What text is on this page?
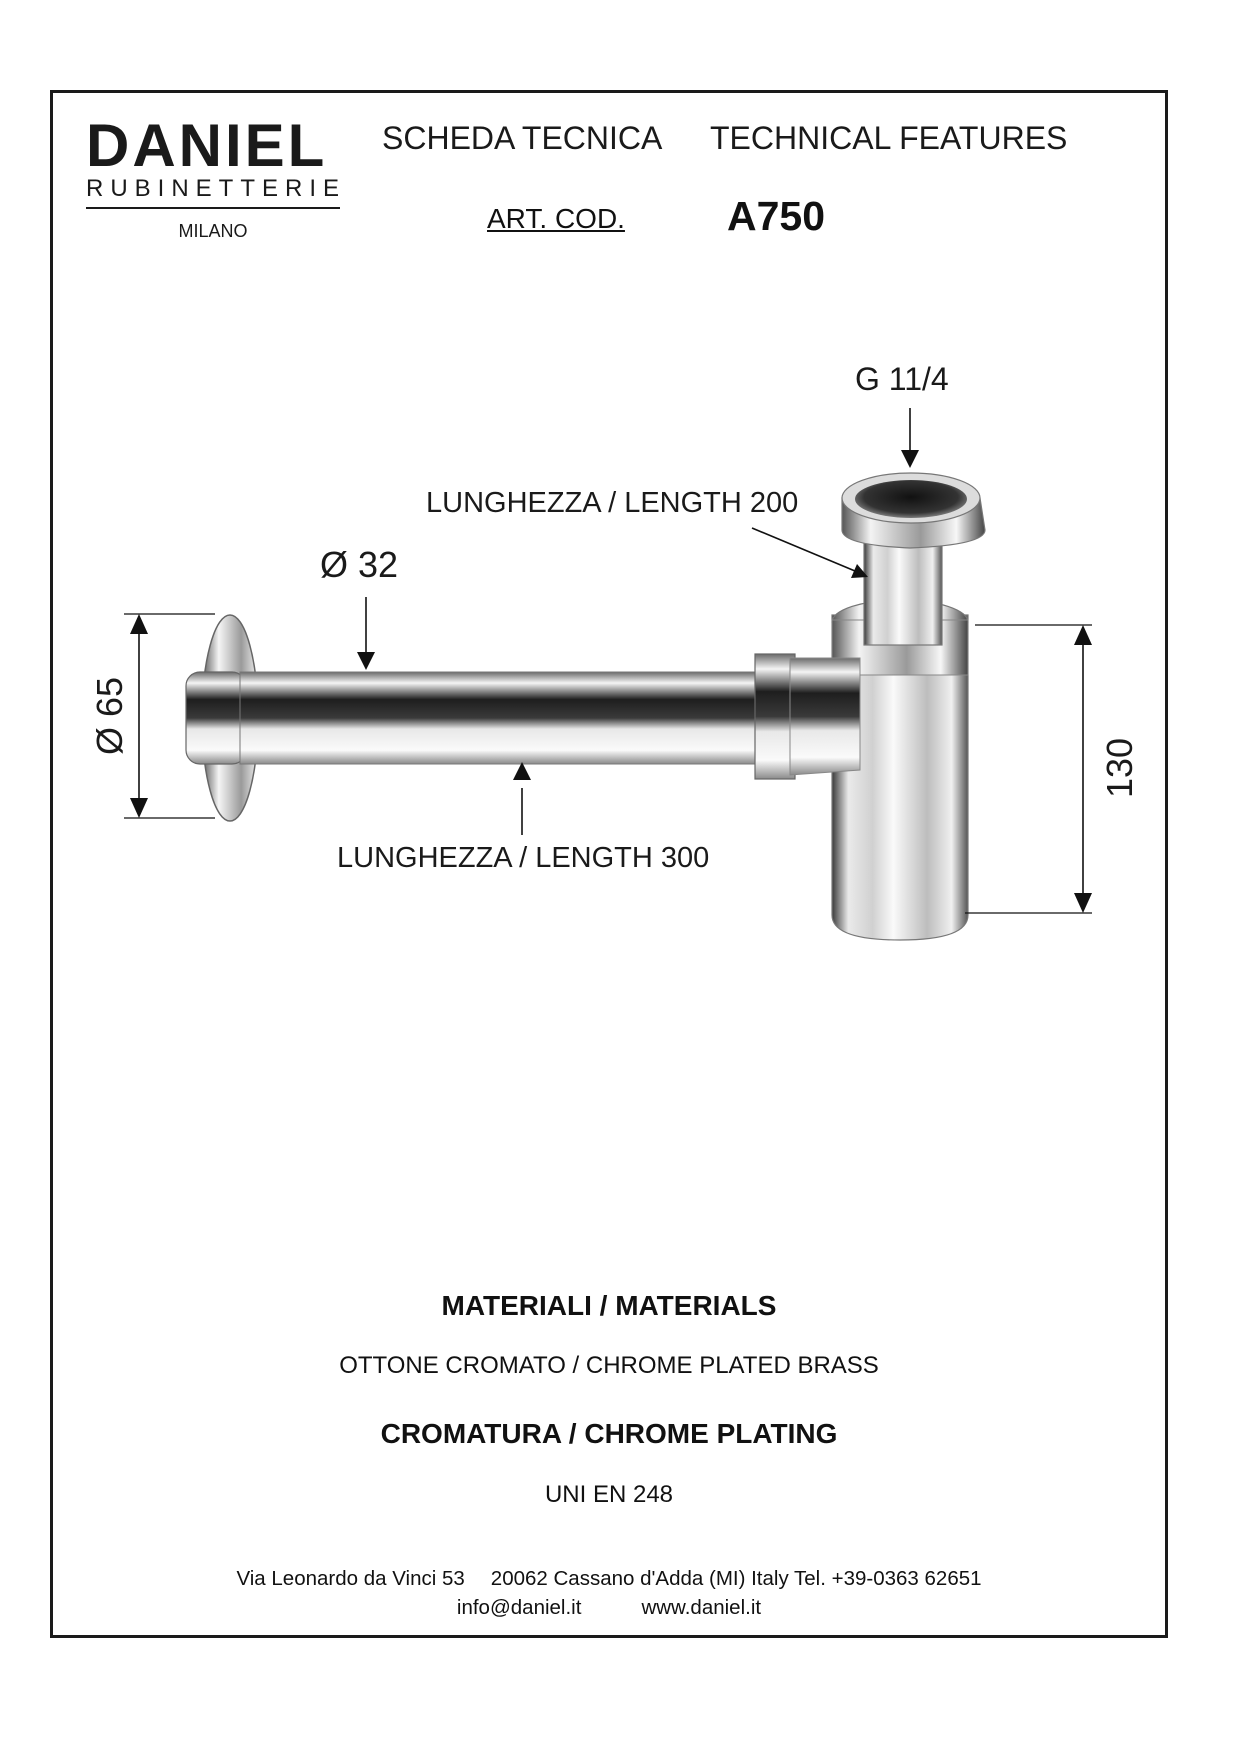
DANIEL
RUBINETTERIE
MILANO
SCHEDA TECNICA TECHNICAL FEATURES
ART. COD. A750
G 11/4
LUNGHEZZA / LENGTH 200
Ø 32
LUNGHEZZA / LENGTH 300
Ø 65
130
MATERIALI / MATERIALS
OTTONE CROMATO / CHROME PLATED BRASS
CROMATURA / CHROME PLATING
UNI EN 248
Via Leonardo da Vinci 53 20062 Cassano d'Adda (MI) Italy Tel. +39-0363 62651
info@daniel.it	www.daniel.it
